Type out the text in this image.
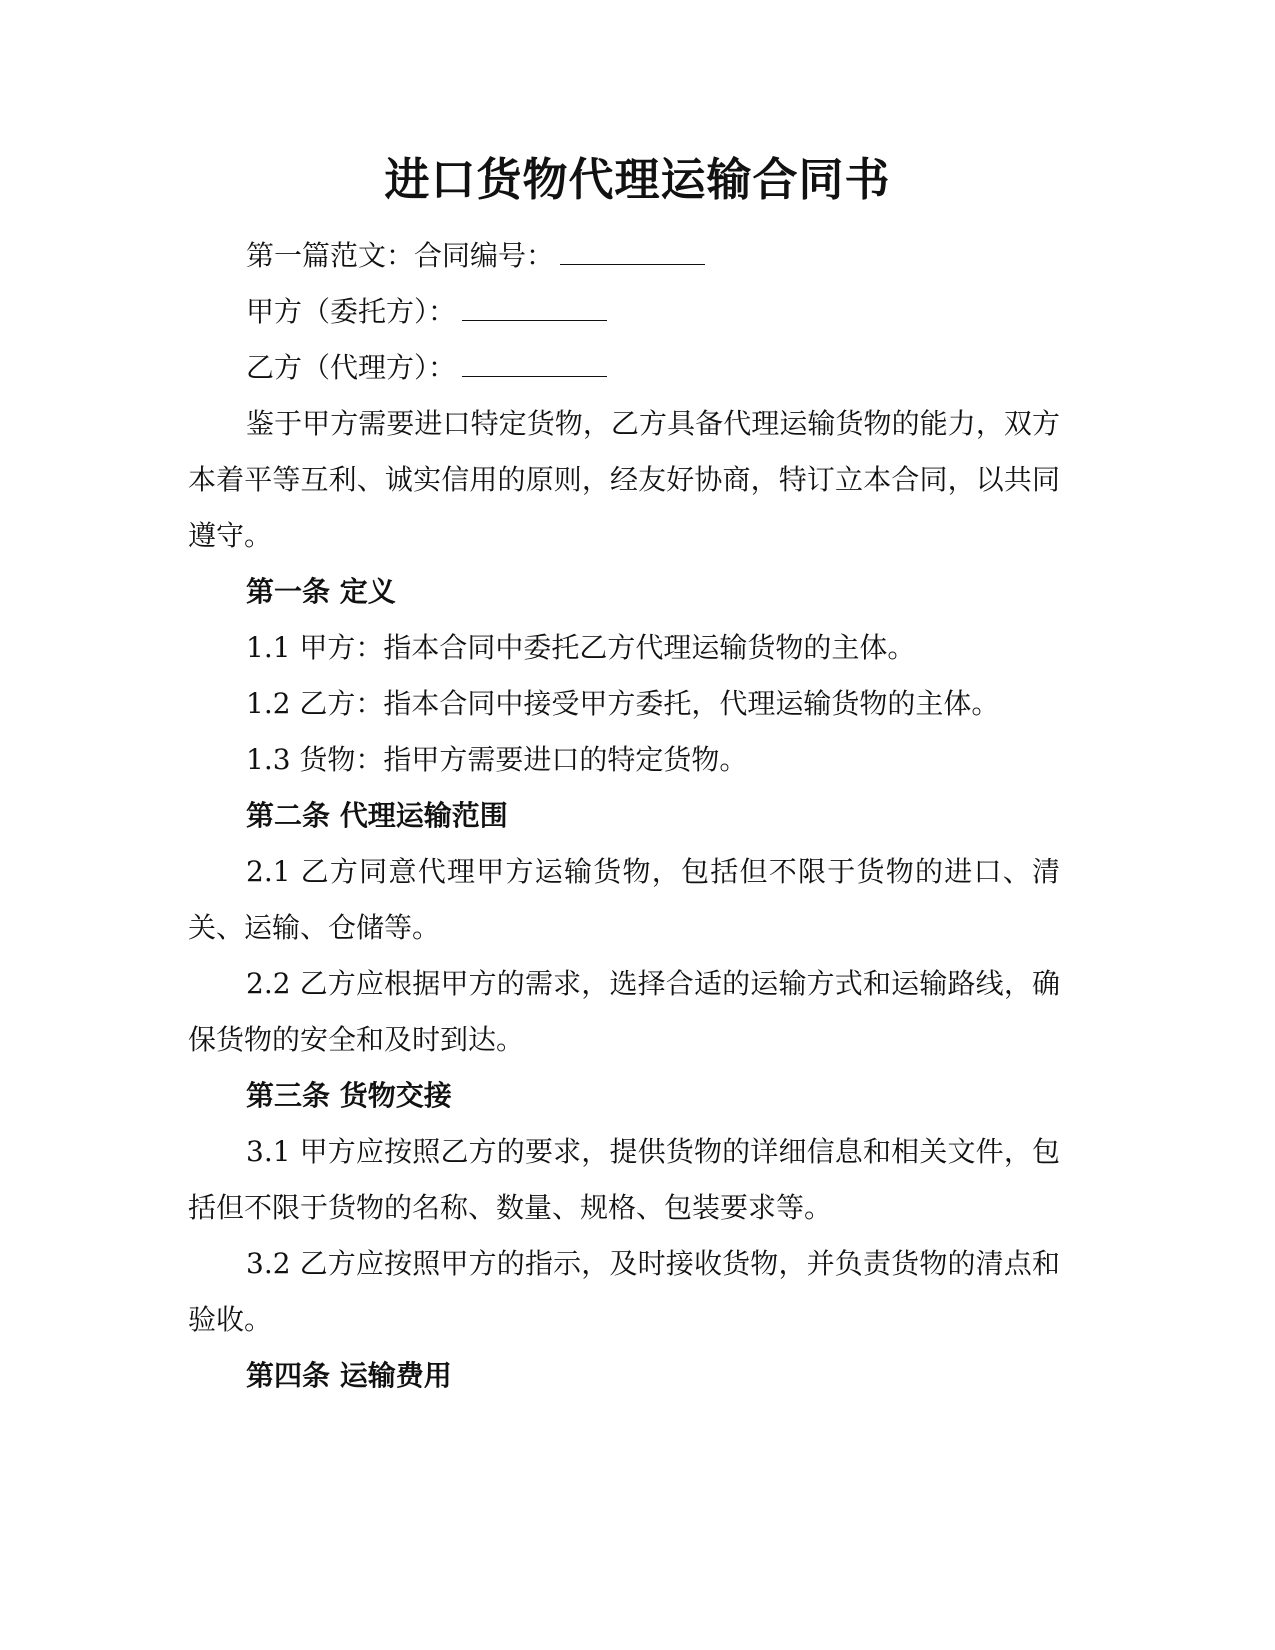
进口货物代理运输合同书

第一篇范文：合同编号：

甲方（委托方）：

乙方（代理方）：

鉴于甲方需要进口特定货物，乙方具备代理运输货物的能力，双方本着平等互利、诚实信用的原则，经友好协商，特订立本合同，以共同遵守。

第一条 定义

1.1 甲方：指本合同中委托乙方代理运输货物的主体。

1.2 乙方：指本合同中接受甲方委托，代理运输货物的主体。

1.3 货物：指甲方需要进口的特定货物。

第二条 代理运输范围

2.1 乙方同意代理甲方运输货物，包括但不限于货物的进口、清关、运输、仓储等。

2.2 乙方应根据甲方的需求，选择合适的运输方式和运输路线，确保货物的安全和及时到达。

第三条 货物交接

3.1 甲方应按照乙方的要求，提供货物的详细信息和相关文件，包括但不限于货物的名称、数量、规格、包装要求等。

3.2 乙方应按照甲方的指示，及时接收货物，并负责货物的清点和验收。

第四条 运输费用
